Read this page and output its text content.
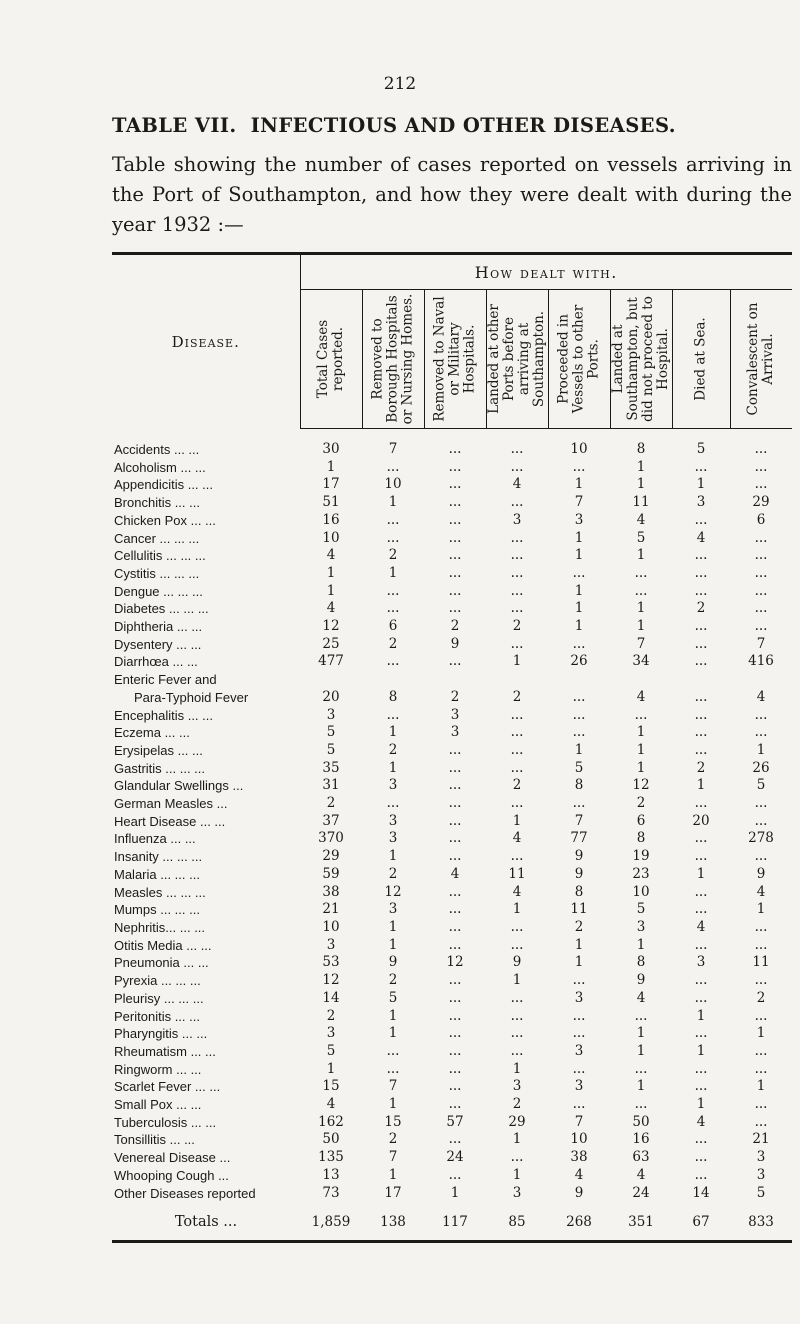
212
TABLE VII. INFECTIOUS AND OTHER DISEASES.
Table showing the number of cases reported on vessels arriving in the Port of Southampton, and how they were dealt with during the year 1932 :—
Disease.	How dealt with.							

	Total Cases reported.	Removed to Borough Hospitals or Nursing Homes.	Removed to Naval or Military Hospitals.	Landed at other Ports before arriving at Southampton.	Proceeded in Vessels to other Ports.	Landed at Southampton, but did not proceed to Hospital.	Died at Sea.	Convalescent on Arrival.

Accidents ... ...	30	7	...	...	10	8	5	...
Alcoholism ... ...	1	...	...	...	...	1	...	...
Appendicitis ... ...	17	10	...	4	1	1	1	...
Bronchitis ... ...	51	1	...	...	7	11	3	29
Chicken Pox ... ...	16	...	...	3	3	4	...	6
Cancer ... ... ...	10	...	...	...	1	5	4	...
Cellulitis ... ... ...	4	2	...	...	1	1	...	...
Cystitis ... ... ...	1	1	...	...	...	...	...	...
Dengue ... ... ...	1	...	...	...	1	...	...	...
Diabetes ... ... ...	4	...	...	...	1	1	2	...
Diphtheria ... ...	12	6	2	2	1	1	...	...
Dysentery ... ...	25	2	9	...	...	7	...	7
Diarrhœa ... ...	477	...	...	1	26	34	...	416
Enteric Fever and								
Para-Typhoid Fever	20	8	2	2	...	4	...	4
Encephalitis ... ...	3	...	3	...	...	...	...	...
Eczema ... ...	5	1	3	...	...	1	...	...
Erysipelas ... ...	5	2	...	...	1	1	...	1
Gastritis ... ... ...	35	1	...	...	5	1	2	26
Glandular Swellings ...	31	3	...	2	8	12	1	5
German Measles ...	2	...	...	...	...	2	...	...
Heart Disease ... ...	37	3	...	1	7	6	20	...
Influenza ... ...	370	3	...	4	77	8	...	278
Insanity ... ... ...	29	1	...	...	9	19	...	...
Malaria ... ... ...	59	2	4	11	9	23	1	9
Measles ... ... ...	38	12	...	4	8	10	...	4
Mumps ... ... ...	21	3	...	1	11	5	...	1
Nephritis... ... ...	10	1	...	...	2	3	4	...
Otitis Media ... ...	3	1	...	...	1	1	...	...
Pneumonia ... ...	53	9	12	9	1	8	3	11
Pyrexia ... ... ...	12	2	...	1	...	9	...	...
Pleurisy ... ... ...	14	5	...	...	3	4	...	2
Peritonitis ... ...	2	1	...	...	...	...	1	...
Pharyngitis ... ...	3	1	...	...	...	1	...	1
Rheumatism ... ...	5	...	...	...	3	1	1	...
Ringworm ... ...	1	...	...	1	...	...	...	...
Scarlet Fever ... ...	15	7	...	3	3	1	...	1
Small Pox ... ...	4	1	...	2	...	...	1	...
Tuberculosis ... ...	162	15	57	29	7	50	4	...
Tonsillitis ... ...	50	2	...	1	10	16	...	21
Venereal Disease ...	135	7	24	...	38	63	...	3
Whooping Cough ...	13	1	...	1	4	4	...	3
Other Diseases reported	73	17	1	3	9	24	14	5

Totals ...	1,859	138	117	85	268	351	67	833
